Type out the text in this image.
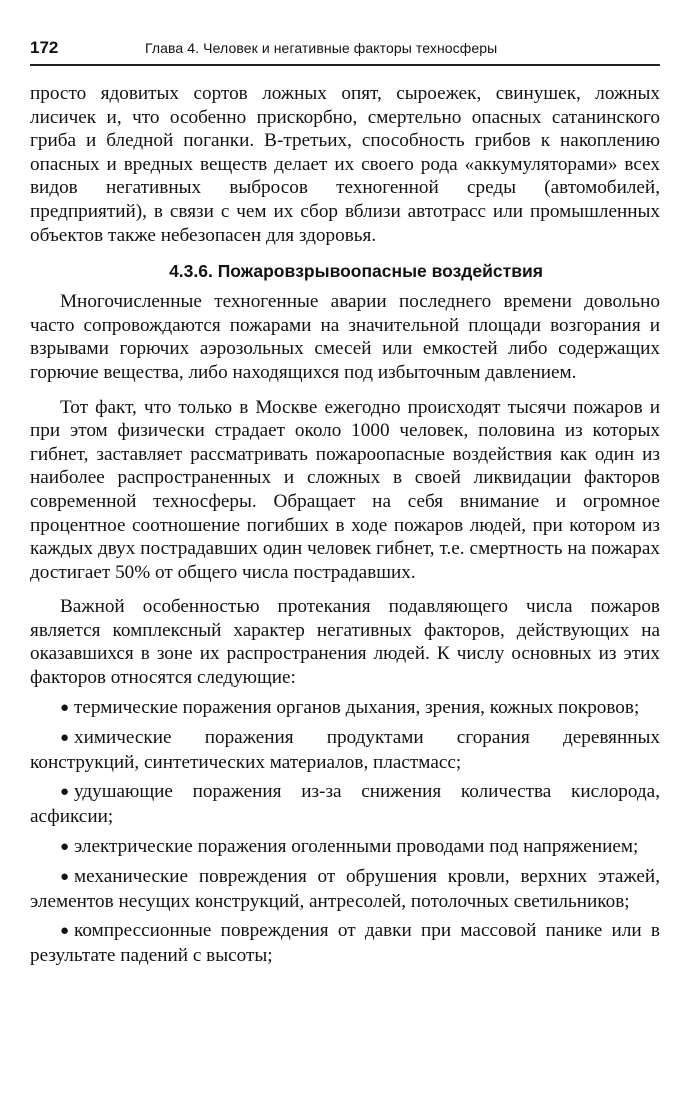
172	Глава 4. Человек и негативные факторы техносферы

просто ядовитых сортов ложных опят, сыроежек, свинушек, ложных лисичек и, что особенно прискорбно, смертельно опасных сатанинского гриба и бледной поганки. В-третьих, способность грибов к накоплению опасных и вредных веществ делает их своего рода «аккумуляторами» всех видов негативных выбросов техногенной среды (автомобилей, предприятий), в связи с чем их сбор вблизи автотрасс или промышленных объектов также небезопасен для здоровья.

4.3.6. Пожаровзрывоопасные воздействия

Многочисленные техногенные аварии последнего времени довольно часто сопровождаются пожарами на значительной площади возгорания и взрывами горючих аэрозольных смесей или емкостей либо содержащих горючие вещества, либо находящихся под избыточным давлением.

Тот факт, что только в Москве ежегодно происходят тысячи пожаров и при этом физически страдает около 1000 человек, половина из которых гибнет, заставляет рассматривать пожароопасные воздействия как один из наиболее распространенных и сложных в своей ликвидации факторов современной техносферы. Обращает на себя внимание и огромное процентное соотношение погибших в ходе пожаров людей, при котором из каждых двух пострадавших один человек гибнет, т.е. смертность на пожарах достигает 50% от общего числа пострадавших.

Важной особенностью протекания подавляющего числа пожаров является комплексный характер негативных факторов, действующих на оказавшихся в зоне их распространения людей. К числу основных из этих факторов относятся следующие:

● термические поражения органов дыхания, зрения, кожных покровов;

● химические поражения продуктами сгорания деревянных конструкций, синтетических материалов, пластмасс;

● удушающие поражения из-за снижения количества кислорода, асфиксии;

● электрические поражения оголенными проводами под напряжением;

● механические повреждения от обрушения кровли, верхних этажей, элементов несущих конструкций, антресолей, потолочных светильников;

● компрессионные повреждения от давки при массовой панике или в результате падений с высоты;
